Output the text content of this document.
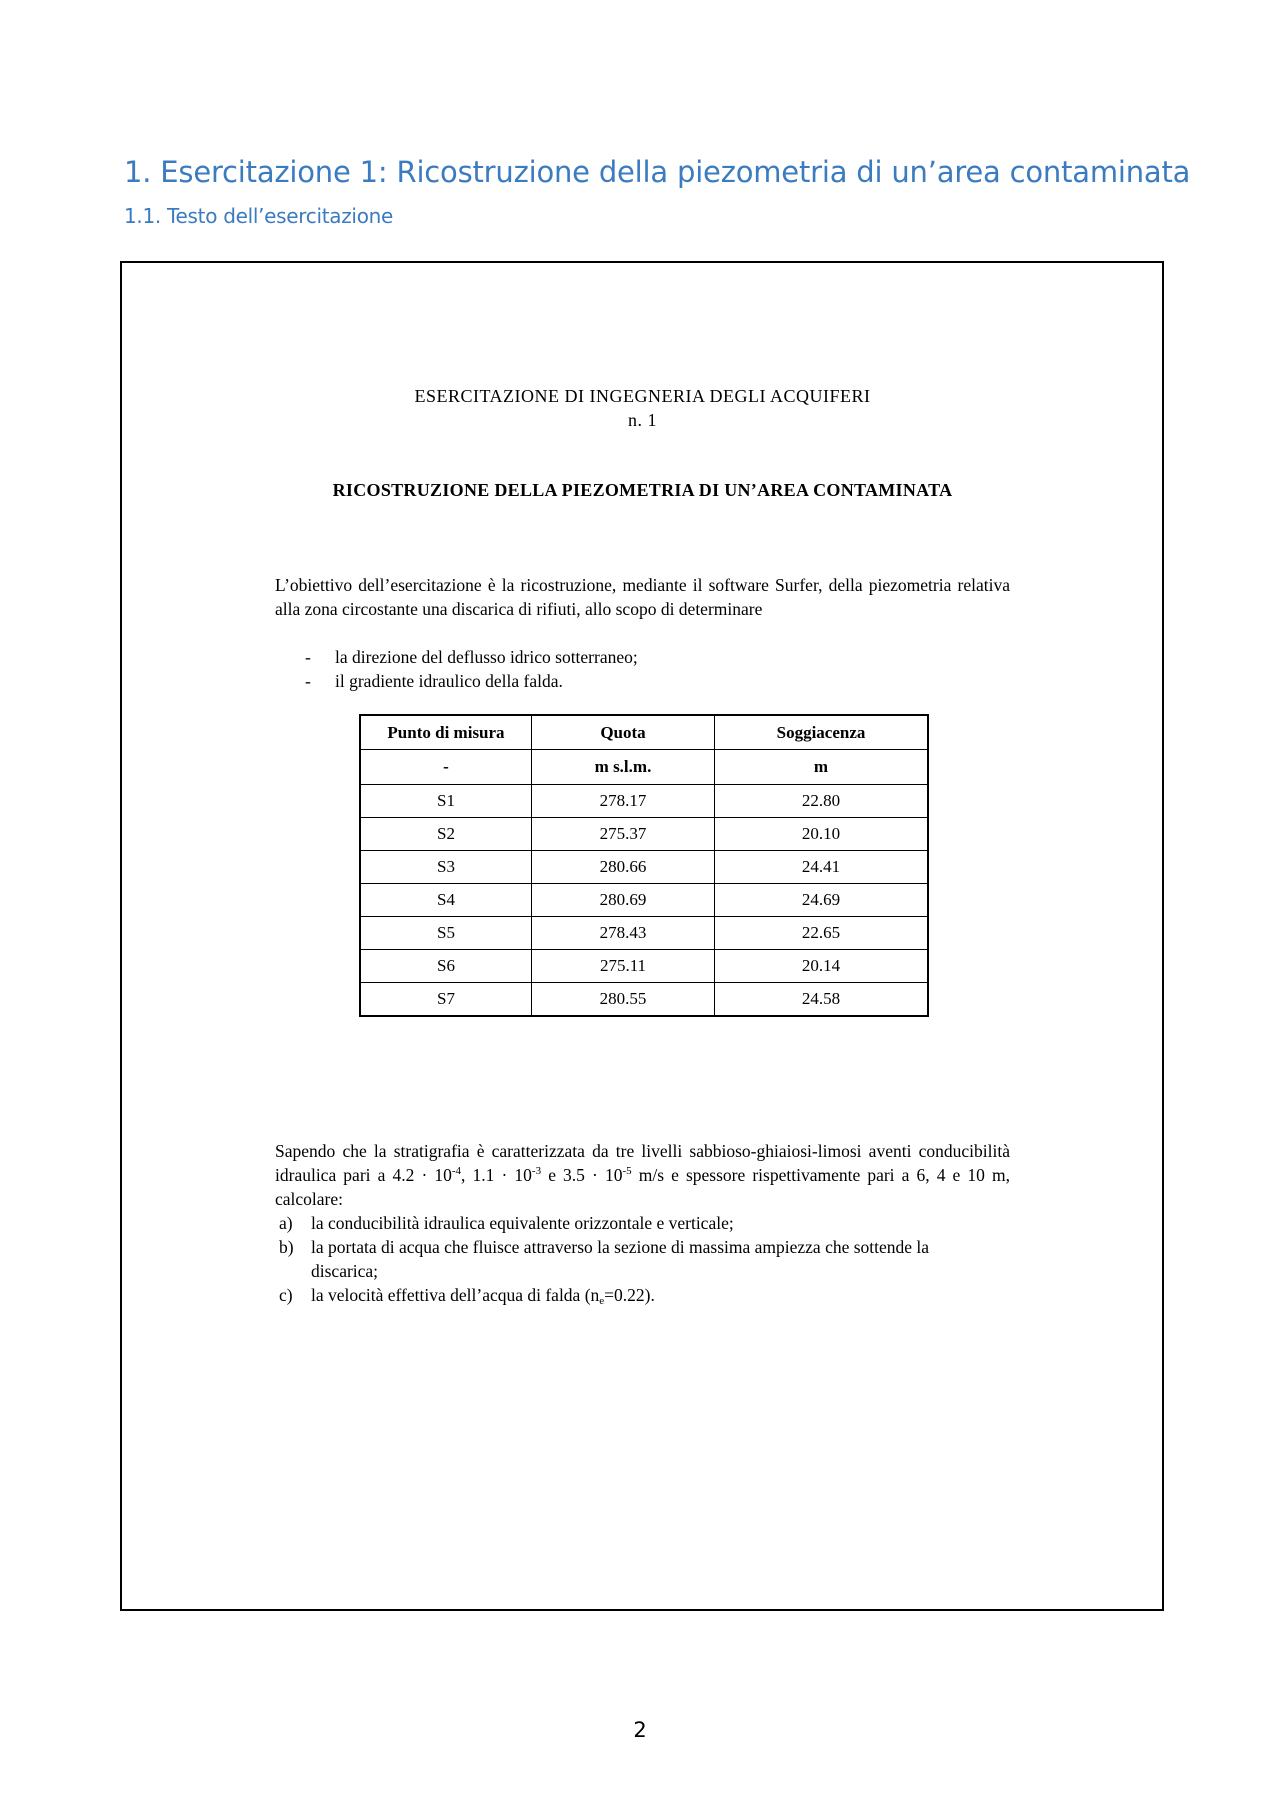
1. Esercitazione 1: Ricostruzione della piezometria di un’area contaminata
1.1. Testo dell’esercitazione
ESERCITAZIONE DI INGEGNERIA DEGLI ACQUIFERI
n. 1
RICOSTRUZIONE DELLA PIEZOMETRIA DI UN’AREA CONTAMINATA
L’obiettivo dell’esercitazione è la ricostruzione, mediante il software Surfer, della piezometria relativa alla zona circostante una discarica di rifiuti, allo scopo di determinare
- la direzione del deflusso idrico sotterraneo;
- il gradiente idraulico della falda.
Punto di misura	Quota	Soggiacenza
-	m s.l.m.	m
S1	278.17	22.80
S2	275.37	20.10
S3	280.66	24.41
S4	280.69	24.69
S5	278.43	22.65
S6	275.11	20.14
S7	280.55	24.58
Sapendo che la stratigrafia è caratterizzata da tre livelli sabbioso-ghiaiosi-limosi aventi conducibilità idraulica pari a $4.2 \cdot 10^{-4}$, $1.1 \cdot 10^{-3}$ e $3.5 \cdot 10^{-5}$ m/s e spessore rispettivamente pari a 6, 4 e 10 m, calcolare:
a) la conducibilità idraulica equivalente orizzontale e verticale;
b) la portata di acqua che fluisce attraverso la sezione di massima ampiezza che sottende la discarica;
c) la velocità effettiva dell’acqua di falda $(n_e=0.22)$.
2
